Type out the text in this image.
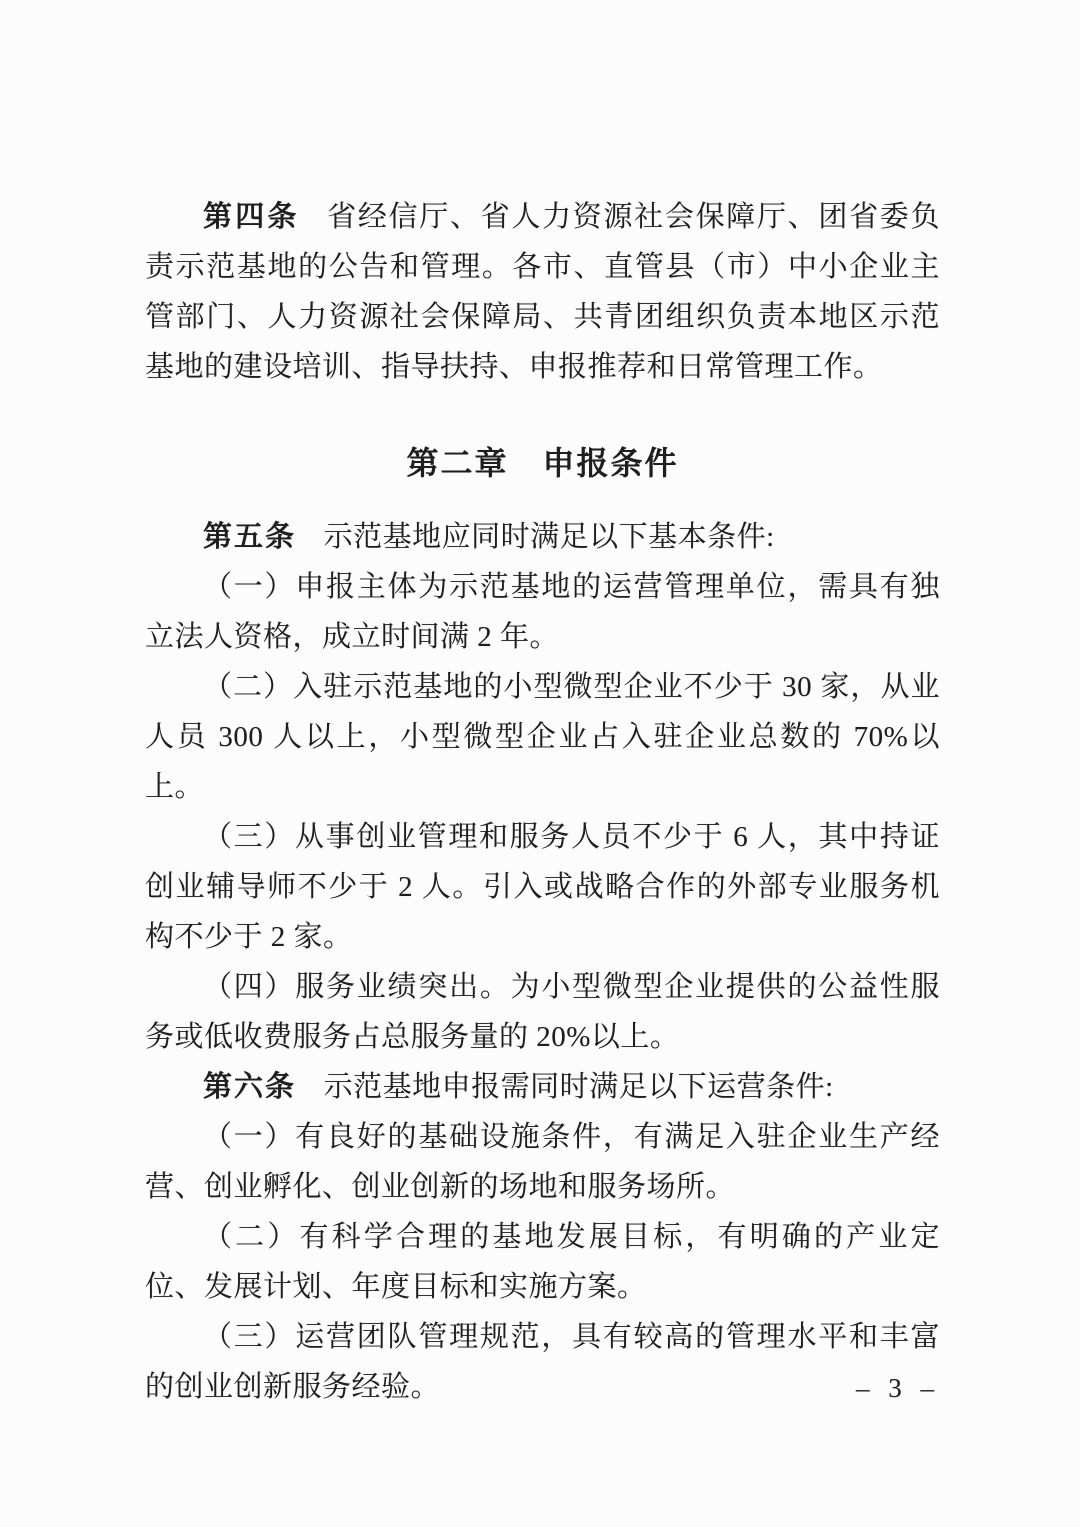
第四条 省经信厅、省人力资源社会保障厅、团省委负责示范基地的公告和管理。各市、直管县（市）中小企业主管部门、人力资源社会保障局、共青团组织负责本地区示范基地的建设培训、指导扶持、申报推荐和日常管理工作。

第二章　申报条件

第五条 示范基地应同时满足以下基本条件:

（一）申报主体为示范基地的运营管理单位，需具有独立法人资格，成立时间满 2 年。

（二）入驻示范基地的小型微型企业不少于 30 家，从业人员 300 人以上，小型微型企业占入驻企业总数的 70%以上。

（三）从事创业管理和服务人员不少于 6 人，其中持证创业辅导师不少于 2 人。引入或战略合作的外部专业服务机构不少于 2 家。

（四）服务业绩突出。为小型微型企业提供的公益性服务或低收费服务占总服务量的 20%以上。

第六条 示范基地申报需同时满足以下运营条件:

（一）有良好的基础设施条件，有满足入驻企业生产经营、创业孵化、创业创新的场地和服务场所。

（二）有科学合理的基地发展目标，有明确的产业定位、发展计划、年度目标和实施方案。

（三）运营团队管理规范，具有较高的管理水平和丰富的创业创新服务经验。	– 3 –
